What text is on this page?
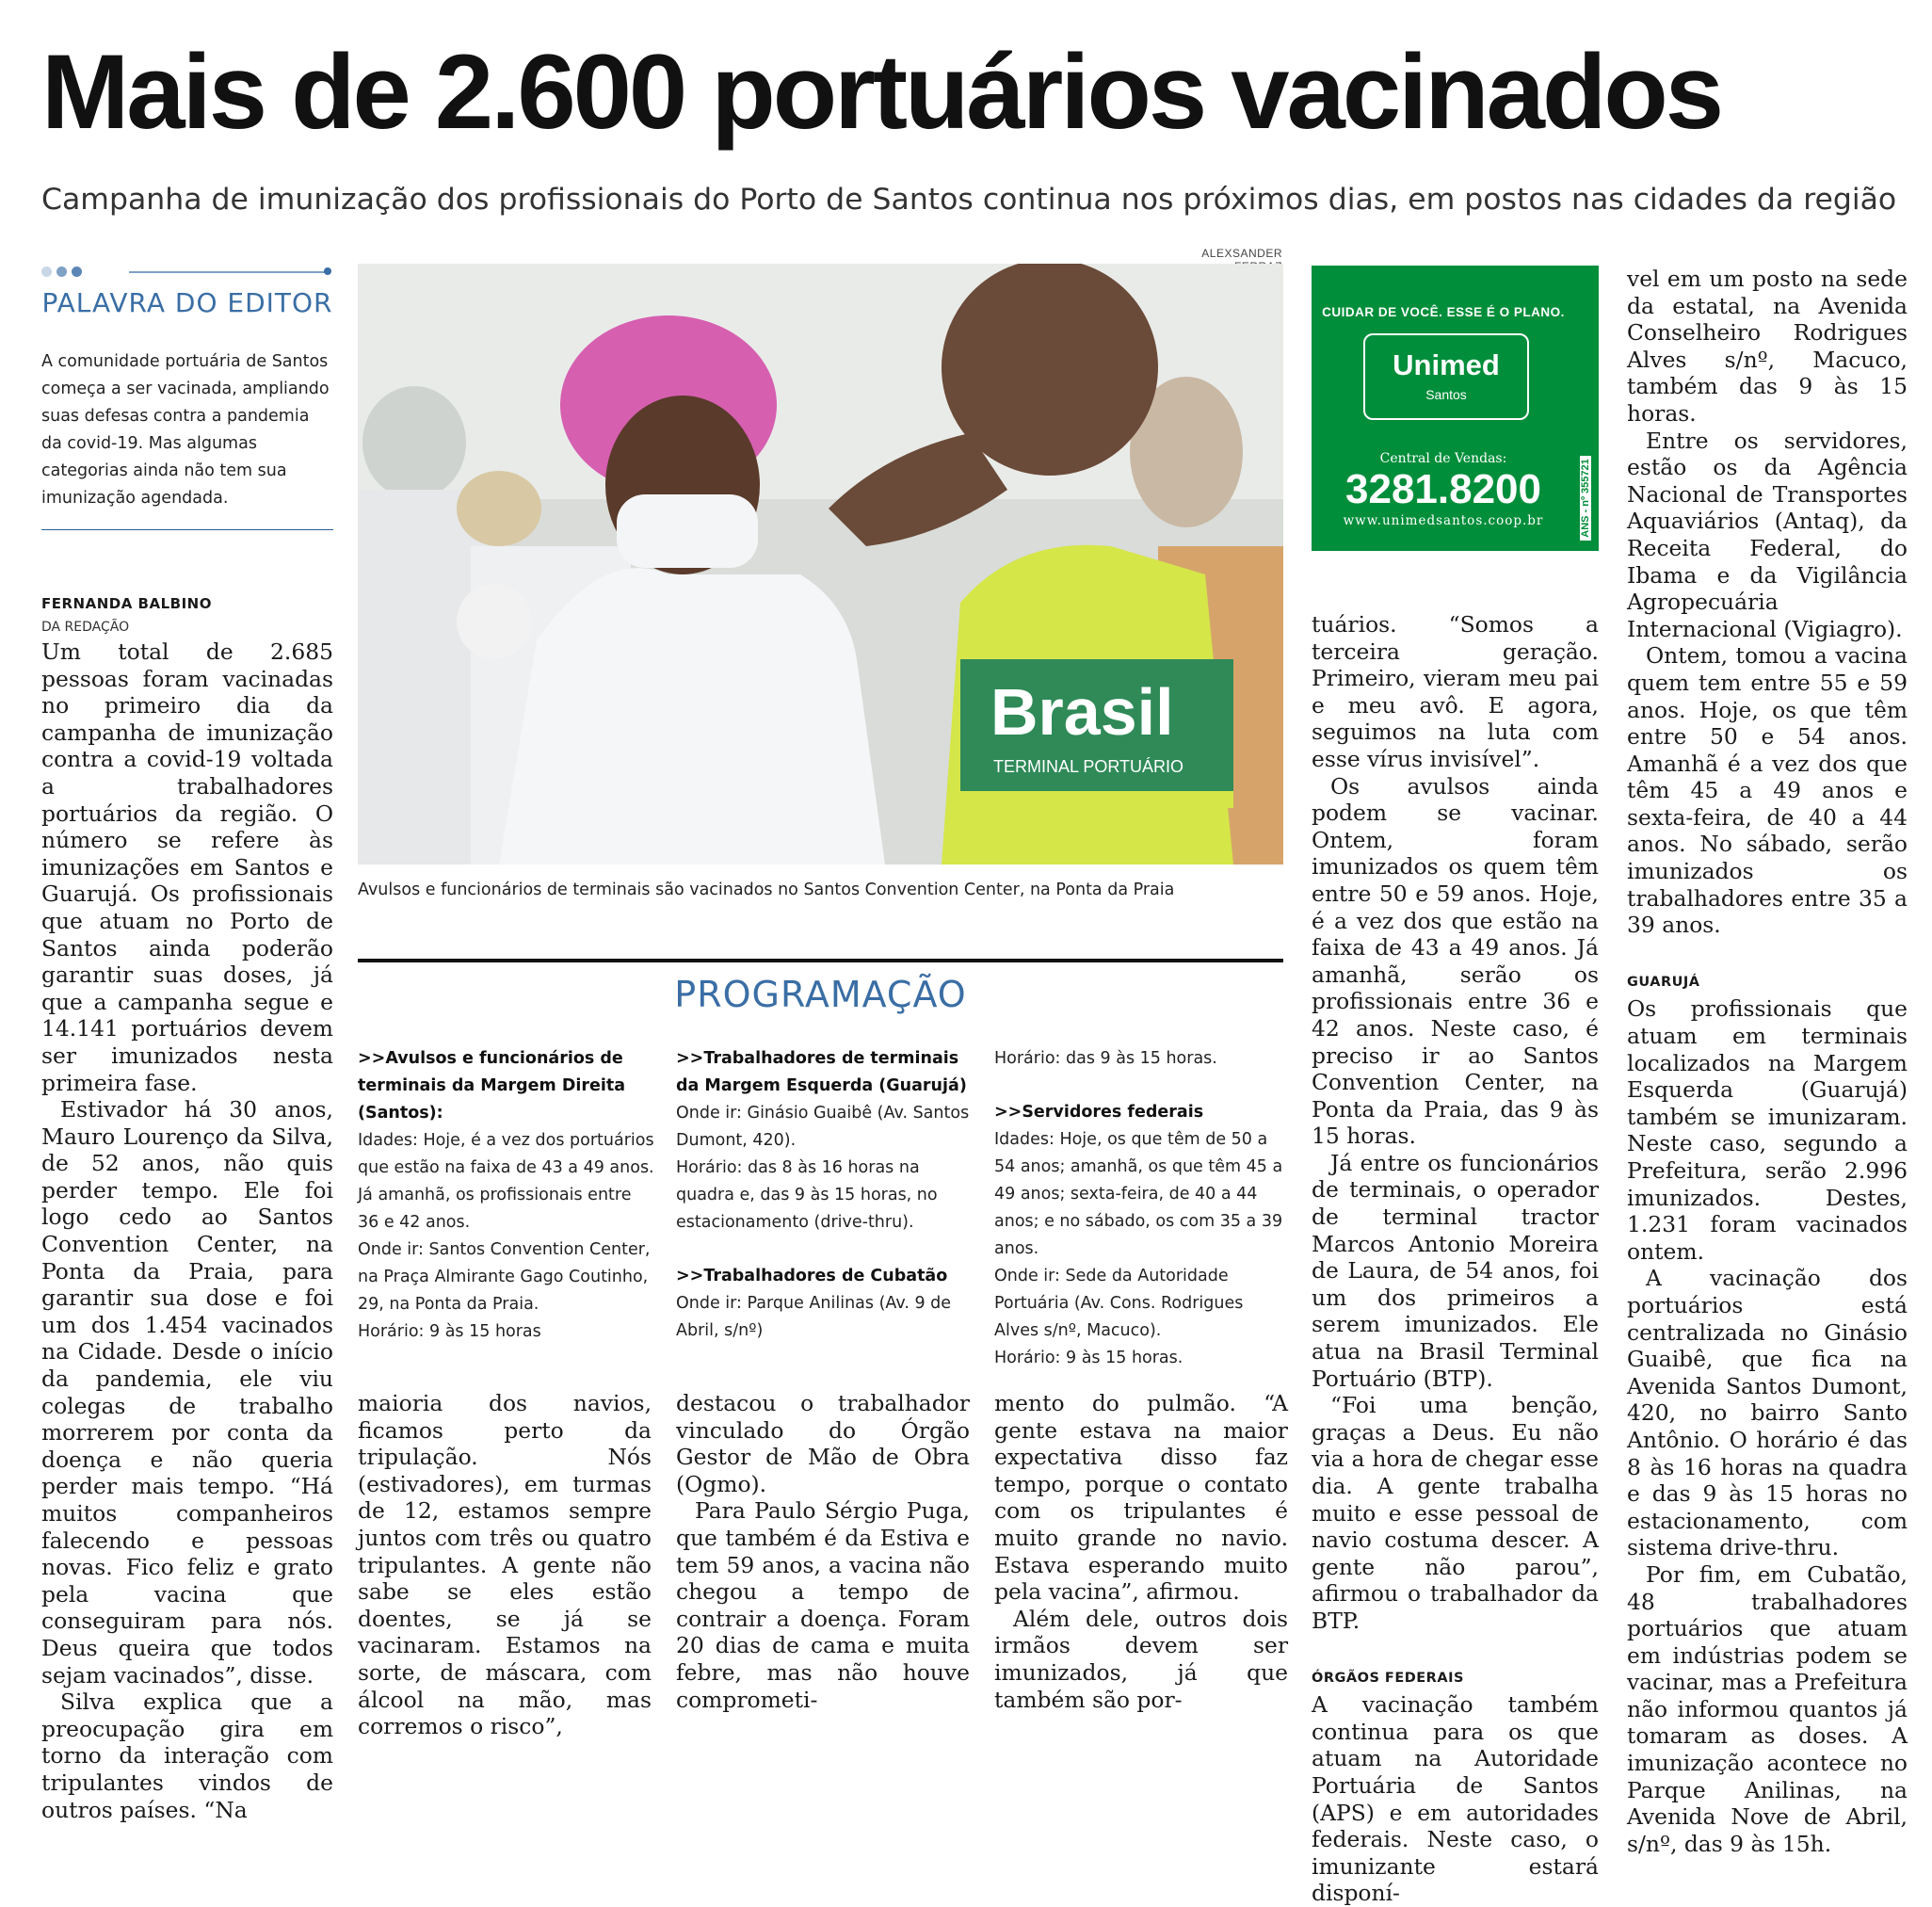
Mais de 2.600 portuários vacinados

Campanha de imunização dos profissionais do Porto de Santos continua nos próximos dias, em postos nas cidades da região

PALAVRA DO EDITOR

A comunidade portuária de Santos começa a ser vacinada, ampliando suas defesas contra a pandemia da covid-19. Mas algumas categorias ainda não tem sua imunização agendada.

FERNANDA BALBINO
DA REDAÇÃO

Um total de 2.685 pessoas foram vacinadas no primeiro dia da campanha de imunização contra a covid-19 voltada a trabalhadores portuários da região. O número se refere às imunizações em Santos e Guarujá. Os profissionais que atuam no Porto de Santos ainda poderão garantir suas doses, já que a campanha segue e 14.141 portuários devem ser imunizados nesta primeira fase.

Estivador há 30 anos, Mauro Lourenço da Silva, de 52 anos, não quis perder tempo. Ele foi logo cedo ao Santos Convention Center, na Ponta da Praia, para garantir sua dose e foi um dos 1.454 vacinados na Cidade. Desde o início da pandemia, ele viu colegas de trabalho morrerem por conta da doença e não queria perder mais tempo. “Há muitos companheiros falecendo e pessoas novas. Fico feliz e grato pela vacina que conseguiram para nós. Deus queira que todos sejam vacinados”, disse.

Silva explica que a preocupação gira em torno da interação com tripulantes vindos de outros países. “Na

ALEXSANDER
Brasil
TERMINAL PORTUÁRIO
Avulsos e funcionários de terminais são vacinados no Santos Convention Center, na Ponta da Praia
PROGRAMAÇÃO
>>Avulsos e funcionários de terminais da Margem Direita (Santos):
Idades: Hoje, é a vez dos portuários que estão na faixa de 43 a 49 anos. Já amanhã, os profissionais entre 36 e 42 anos.
Onde ir: Santos Convention Center, na Praça Almirante Gago Coutinho, 29, na Ponta da Praia.
Horário: 9 às 15 horas
>>Trabalhadores de terminais da Margem Esquerda (Guarujá)
Onde ir: Ginásio Guaibê (Av. Santos Dumont, 420).
Horário: das 8 às 16 horas na quadra e, das 9 às 15 horas, no estacionamento (drive-thru).
>>Trabalhadores de Cubatão
Onde ir: Parque Anilinas (Av. 9 de Abril, s/nº)
Horário: das 9 às 15 horas.
>>Servidores federais
Idades: Hoje, os que têm de 50 a 54 anos; amanhã, os que têm 45 a 49 anos; sexta-feira, de 40 a 44 anos; e no sábado, os com 35 a 39 anos.
Onde ir: Sede da Autoridade Portuária (Av. Cons. Rodrigues Alves s/nº, Macuco).
Horário: 9 às 15 horas.

maioria dos navios, ficamos perto da tripulação. Nós (estivadores), em turmas de 12, estamos sempre juntos com três ou quatro tripulantes. A gente não sabe se eles estão doentes, se já se vacinaram. Estamos na sorte, de máscara, com álcool na mão, mas corremos o risco”,

destacou o trabalhador vinculado do Órgão Gestor de Mão de Obra (Ogmo).

Para Paulo Sérgio Puga, que também é da Estiva e tem 59 anos, a vacina não chegou a tempo de contrair a doença. Foram 20 dias de cama e muita febre, mas não houve comprometi-

mento do pulmão. “A gente estava na maior expectativa disso faz tempo, porque o contato com os tripulantes é muito grande no navio. Estava esperando muito pela vacina”, afirmou.

Além dele, outros dois irmãos devem ser imunizados, já que também são por-

CUIDAR DE VOCÊ. ESSE É O PLANO.
Unimed
Santos
Central de Vendas:
3281.8200
www.unimedsantos.coop.br	ANS - nº 355721

tuários. “Somos a terceira geração. Primeiro, vieram meu pai e meu avô. E agora, seguimos na luta com esse vírus invisível”.

Os avulsos ainda podem se vacinar. Ontem, foram imunizados os quem têm entre 50 e 59 anos. Hoje, é a vez dos que estão na faixa de 43 a 49 anos. Já amanhã, serão os profissionais entre 36 e 42 anos. Neste caso, é preciso ir ao Santos Convention Center, na Ponta da Praia, das 9 às 15 horas.

Já entre os funcionários de terminais, o operador de terminal tractor Marcos Antonio Moreira de Laura, de 54 anos, foi um dos primeiros a serem imunizados. Ele atua na Brasil Terminal Portuário (BTP).

“Foi uma benção, graças a Deus. Eu não via a hora de chegar esse dia. A gente trabalha muito e esse pessoal de navio costuma descer. A gente não parou”, afirmou o trabalhador da BTP.

ÓRGÃOS FEDERAIS

A vacinação também continua para os que atuam na Autoridade Portuária de Santos (APS) e em autoridades federais. Neste caso, o imunizante estará disponí-

vel em um posto na sede da estatal, na Avenida Conselheiro Rodrigues Alves s/nº, Macuco, também das 9 às 15 horas.

Entre os servidores, estão os da Agência Nacional de Transportes Aquaviários (Antaq), da Receita Federal, do Ibama e da Vigilância Agropecuária Internacional (Vigiagro).

Ontem, tomou a vacina quem tem entre 55 e 59 anos. Hoje, os que têm entre 50 e 54 anos. Amanhã é a vez dos que têm 45 a 49 anos e sexta-feira, de 40 a 44 anos. No sábado, serão imunizados os trabalhadores entre 35 a 39 anos.

GUARUJÁ

Os profissionais que atuam em terminais localizados na Margem Esquerda (Guarujá) também se imunizaram. Neste caso, segundo a Prefeitura, serão 2.996 imunizados. Destes, 1.231 foram vacinados ontem.

A vacinação dos portuários está centralizada no Ginásio Guaibê, que fica na Avenida Santos Dumont, 420, no bairro Santo Antônio. O horário é das 8 às 16 horas na quadra e das 9 às 15 horas no estacionamento, com sistema drive-thru.

Por fim, em Cubatão, 48 trabalhadores portuários que atuam em indústrias podem se vacinar, mas a Prefeitura não informou quantos já tomaram as doses. A imunização acontece no Parque Anilinas, na Avenida Nove de Abril, s/nº, das 9 às 15h.
